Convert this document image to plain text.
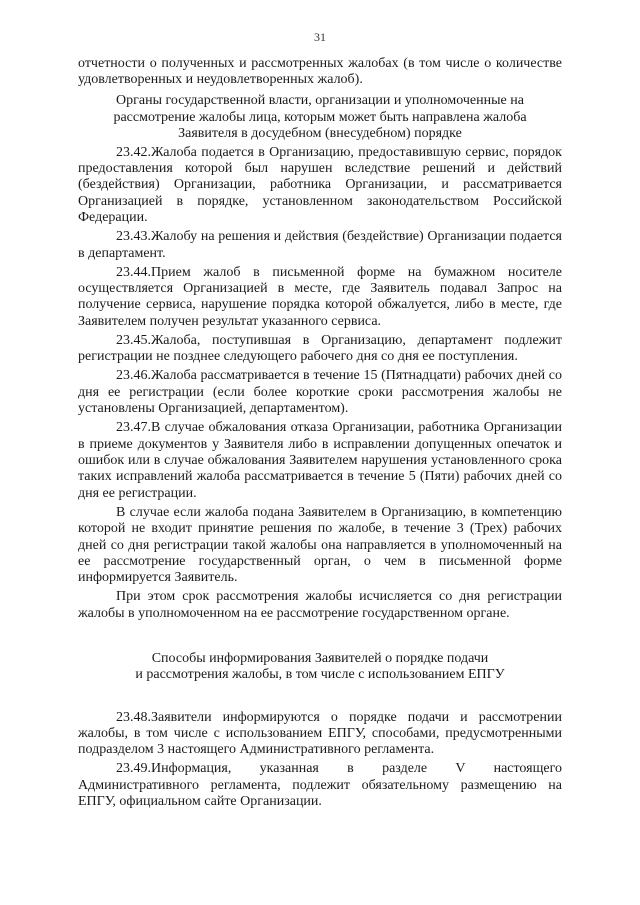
31

отчетности о полученных и рассмотренных жалобах (в том числе о количестве удовлетворенных и неудовлетворенных жалоб).

Органы государственной власти, организации и уполномоченные на

рассмотрение жалобы лица, которым может быть направлена жалоба

Заявителя в досудебном (внесудебном) порядке

23.42.Жалоба подается в Организацию, предоставившую сервис, порядок предоставления которой был нарушен вследствие решений и действий (бездействия) Организации, работника Организации, и рассматривается Организацией в порядке, установленном законодательством Российской Федерации.

23.43.Жалобу на решения и действия (бездействие) Организации подается в департамент.

23.44.Прием жалоб в письменной форме на бумажном носителе осуществляется Организацией в месте, где Заявитель подавал Запрос на получение сервиса, нарушение порядка которой обжалуется, либо в месте, где Заявителем получен результат указанного сервиса.

23.45.Жалоба, поступившая в Организацию, департамент подлежит регистрации не позднее следующего рабочего дня со дня ее поступления.

23.46.Жалоба рассматривается в течение 15 (Пятнадцати) рабочих дней со дня ее регистрации (если более короткие сроки рассмотрения жалобы не установлены Организацией, департаментом).

23.47.В случае обжалования отказа Организации, работника Организации в приеме документов у Заявителя либо в исправлении допущенных опечаток и ошибок или в случае обжалования Заявителем нарушения установленного срока таких исправлений жалоба рассматривается в течение 5 (Пяти) рабочих дней со дня ее регистрации.

В случае если жалоба подана Заявителем в Организацию, в компетенцию которой не входит принятие решения по жалобе, в течение 3 (Трех) рабочих дней со дня регистрации такой жалобы она направляется в уполномоченный на ее рассмотрение государственный орган, о чем в письменной форме информируется Заявитель.

При этом срок рассмотрения жалобы исчисляется со дня регистрации жалобы в уполномоченном на ее рассмотрение государственном органе.

Способы информирования Заявителей о порядке подачи

и рассмотрения жалобы, в том числе с использованием ЕПГУ

23.48.Заявители информируются о порядке подачи и рассмотрении жалобы, в том числе с использованием ЕПГУ, способами, предусмотренными подразделом 3 настоящего Административного регламента.

23.49.Информация, указанная в разделе V настоящего Административного регламента, подлежит обязательному размещению на ЕПГУ, официальном сайте Организации.
